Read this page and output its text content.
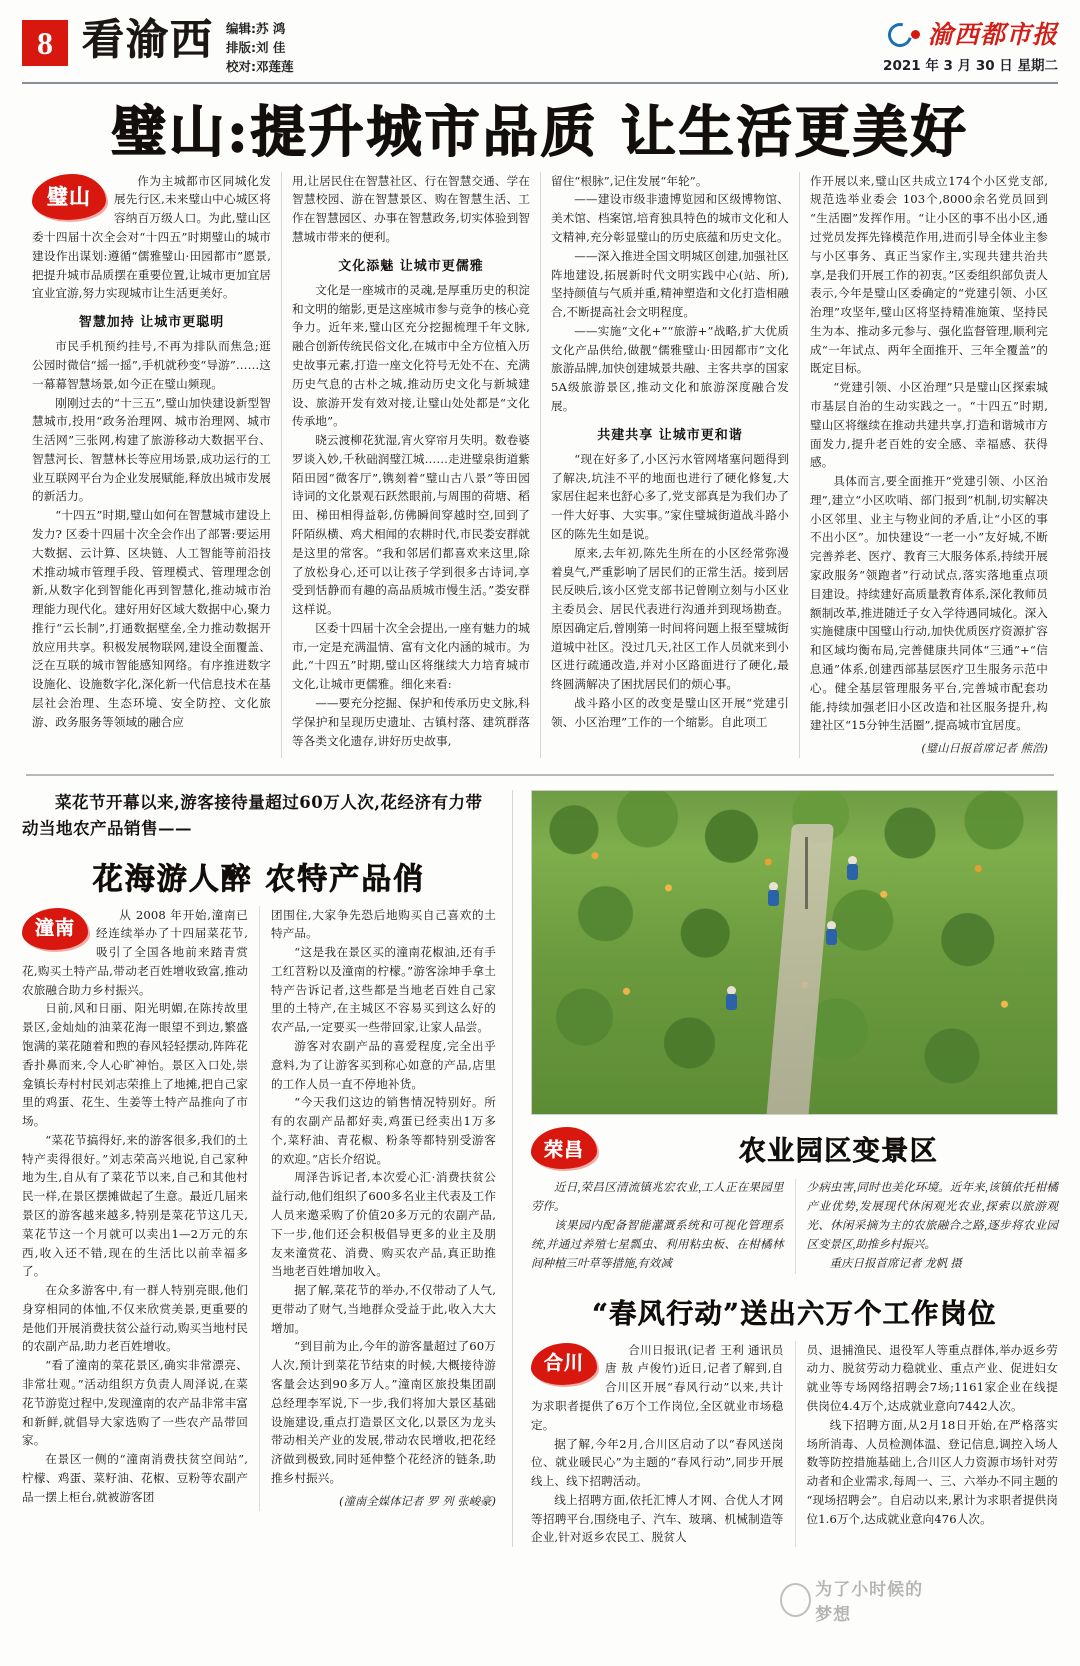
8 看渝西 编辑:苏 鸿
排版:刘 佳
校对:邓莲莲
渝西都市报
2021 年 3 月 30 日 星期二
璧山:提升城市品质 让生活更美好
璧山

作为主城都市区同城化发展先行区,未来璧山中心城区将容纳百万级人口。为此,璧山区委十四届十次全会对“十四五”时期璧山的城市建设作出谋划:遵循“儒雅璧山·田园都市”愿景,把提升城市品质摆在重要位置,让城市更加宜居宜业宜游,努力实现城市让生活更美好。

智慧加持 让城市更聪明

市民手机预约挂号,不再为排队而焦急;逛公园时微信“摇一摇”,手机就秒变“导游”……这一幕幕智慧场景,如今正在璧山频现。

刚刚过去的“十三五”,璧山加快建设新型智慧城市,投用“政务治理网、城市治理网、城市生活网”三张网,构建了旅游移动大数据平台、智慧河长、智慧林长等应用场景,成功运行的工业互联网平台为企业发展赋能,释放出城市发展的新活力。

“十四五”时期,璧山如何在智慧城市建设上发力? 区委十四届十次全会作出了部署:要运用大数据、云计算、区块链、人工智能等前沿技术推动城市管理手段、管理模式、管理理念创新,从数字化到智能化再到智慧化,推动城市治理能力现代化。建好用好区域大数据中心,聚力推行“云长制”,打通数据壁垒,全力推动数据开放应用共享。积极发展物联网,建设全面覆盖、泛在互联的城市智能感知网络。有序推进数字设施化、设施数字化,深化新一代信息技术在基层社会治理、生态环境、安全防控、文化旅游、政务服务等领域的融合应

用,让居民住在智慧社区、行在智慧交通、学在智慧校园、游在智慧景区、购在智慧生活、工作在智慧园区、办事在智慧政务,切实体验到智慧城市带来的便利。

文化添魅 让城市更儒雅

文化是一座城市的灵魂,是厚重历史的积淀和文明的缩影,更是这座城市参与竞争的核心竞争力。近年来,璧山区充分挖掘梳理千年文脉,融合创新传统民俗文化,在城市中全方位植入历史故事元素,打造一座文化符号无处不在、充满历史气息的古朴之城,推动历史文化与新城建设、旅游开发有效对接,让璧山处处都是“文化传承地”。

晓云渡柳花犹湿,宵火穿帘月失明。数卷婆罗谈入妙,千秋础润璧江城……走进璧泉街道紫陌田园“微客厅”,镌刻着“璧山古八景”等田园诗词的文化景观石跃然眼前,与周围的荷塘、稻田、梯田相得益彰,仿佛瞬间穿越时空,回到了阡陌纵横、鸡犬相闻的农耕时代,市民娄安群就是这里的常客。“我和邻居们都喜欢来这里,除了放松身心,还可以让孩子学到很多古诗词,享受到恬静而有趣的高品质城市慢生活。”娄安群这样说。

区委十四届十次全会提出,一座有魅力的城市,一定是充满温情、富有文化内涵的城市。为此,“十四五”时期,璧山区将继续大力培育城市文化,让城市更儒雅。细化来看:

——要充分挖掘、保护和传承历史文脉,科学保护和呈现历史遗址、古镇村落、建筑群落等各类文化遗存,讲好历史故事,

留住“根脉”,记住发展“年轮”。

——建设市级非遗博览园和区级博物馆、美术馆、档案馆,培育独具特色的城市文化和人文精神,充分彰显璧山的历史底蕴和历史文化。

——深入推进全国文明城区创建,加强社区阵地建设,拓展新时代文明实践中心(站、所),坚持颜值与气质并重,精神塑造和文化打造相融合,不断提高社会文明程度。

——实施“文化+”“旅游+”战略,扩大优质文化产品供给,做靓“儒雅璧山·田园都市”文化旅游品牌,加快创建城景共融、主客共享的国家5A级旅游景区,推动文化和旅游深度融合发展。

共建共享 让城市更和谐

“现在好多了,小区污水管网堵塞问题得到了解决,坑洼不平的地面也进行了硬化修复,大家居住起来也舒心多了,党支部真是为我们办了一件大好事、大实事。”家住璧城街道战斗路小区的陈先生如是说。

原来,去年初,陈先生所在的小区经常弥漫着臭气,严重影响了居民们的正常生活。接到居民反映后,该小区党支部书记曾刚立刻与小区业主委员会、居民代表进行沟通并到现场勘查。原因确定后,曾刚第一时间将问题上报至璧城街道城中社区。没过几天,社区工作人员就来到小区进行疏通改造,并对小区路面进行了硬化,最终圆满解决了困扰居民们的烦心事。

战斗路小区的改变是璧山区开展“党建引领、小区治理”工作的一个缩影。自此项工

作开展以来,璧山区共成立174个小区党支部,规范选举业委会 103个,8000余名党员回到“生活圈”发挥作用。“让小区的事不出小区,通过党员发挥先锋模范作用,进而引导全体业主参与小区事务、真正当家作主,实现共建共治共享,是我们开展工作的初衷。”区委组织部负责人表示,今年是璧山区委确定的“党建引领、小区治理”攻坚年,璧山区将坚持精准施策、坚持民生为本、推动多元参与、强化监督管理,顺利完成“一年试点、两年全面推开、三年全覆盖”的既定目标。

“党建引领、小区治理”只是璧山区探索城市基层自治的生动实践之一。“十四五”时期,璧山区将继续在推动共建共享,打造和谐城市方面发力,提升老百姓的安全感、幸福感、获得感。

具体而言,要全面推开“党建引领、小区治理”,建立“小区吹哨、部门报到”机制,切实解决小区邻里、业主与物业间的矛盾,让“小区的事不出小区”。加快建设“一老一小”友好城,不断完善养老、医疗、教育三大服务体系,持续开展家政服务“领跑者”行动试点,落实落地重点项目建设。持续建好高质量教育体系,深化教师员额制改革,推进随迁子女入学待遇同城化。深入实施健康中国璧山行动,加快优质医疗资源扩容和区域均衡布局,完善健康共同体“三通”+“信息通”体系,创建西部基层医疗卫生服务示范中心。健全基层管理服务平台,完善城市配套功能,持续加强老旧小区改造和社区服务提升,构建社区“15分钟生活圈”,提高城市宜居度。

(璧山日报首席记者 熊浩)

菜花节开幕以来,游客接待量超过60万人次,花经济有力带动当地农产品销售——

花海游人醉 农特产品俏
潼南

从 2008 年开始,潼南已经连续举办了十四届菜花节,吸引了全国各地前来踏青赏花,购买土特产品,带动老百姓增收致富,推动农旅融合助力乡村振兴。

日前,风和日丽、阳光明媚,在陈抟故里景区,金灿灿的油菜花海一眼望不到边,繁盛饱满的菜花随着和煦的春风轻轻摆动,阵阵花香扑鼻而来,令人心旷神怡。景区入口处,崇龛镇长寿村村民刘志荣推上了地摊,把自己家里的鸡蛋、花生、生姜等土特产品推向了市场。

“菜花节搞得好,来的游客很多,我们的土特产卖得很好。”刘志荣高兴地说,自己家种地为生,自从有了菜花节以来,自己和其他村民一样,在景区摆摊做起了生意。最近几届来景区的游客越来越多,特别是菜花节这几天,菜花节这一个月就可以卖出1—2万元的东西,收入还不错,现在的生活比以前幸福多了。

在众多游客中,有一群人特别亮眼,他们身穿相同的体恤,不仅来欣赏美景,更重要的是他们开展消费扶贫公益行动,购买当地村民的农副产品,助力老百姓增收。

“看了潼南的菜花景区,确实非常漂亮、非常壮观。”活动组织方负责人周泽说,在菜花节游览过程中,发现潼南的农产品非常丰富和新鲜,就倡导大家选购了一些农产品带回家。

在景区一侧的“潼南消费扶贫空间站”,柠檬、鸡蛋、菜籽油、花椒、豆粉等农副产品一摆上柜台,就被游客团

团围住,大家争先恐后地购买自己喜欢的土特产品。

“这是我在景区买的潼南花椒油,还有手工红苕粉以及潼南的柠檬。”游客涂坤手拿土特产告诉记者,这些都是当地老百姓自己家里的土特产,在主城区不容易买到这么好的农产品,一定要买一些带回家,让家人品尝。

游客对农副产品的喜爱程度,完全出乎意料,为了让游客买到称心如意的产品,店里的工作人员一直不停地补货。

“今天我们这边的销售情况特别好。所有的农副产品都好卖,鸡蛋已经卖出1万多个,菜籽油、青花椒、粉条等都特别受游客的欢迎。”店长介绍说。

周泽告诉记者,本次爱心汇·消费扶贫公益行动,他们组织了600多名业主代表及工作人员来邀采购了价值20多万元的农副产品,下一步,他们还会积极倡导更多的业主及朋友来潼赏花、消费、购买农产品,真正助推当地老百姓增加收入。

据了解,菜花节的举办,不仅带动了人气,更带动了财气,当地群众受益于此,收入大大增加。

“到目前为止,今年的游客量超过了60万人次,预计到菜花节结束的时候,大概接待游客量会达到90多万人。”潼南区旅投集团副总经理李军说,下一步,我们将加大景区基础设施建设,重点打造景区文化,以景区为龙头带动相关产业的发展,带动农民增收,把花经济做到极致,同时延伸整个花经济的链条,助推乡村振兴。

(潼南全媒体记者 罗 列 张峻豪)
荣昌	农业园区变景区

近日,荣昌区清流镇兆宏农业,工人正在果园里劳作。

该果园内配备智能灌溉系统和可视化管理系统,并通过养殖七星瓢虫、利用粘虫板、在柑橘林间种植三叶草等措施,有效减

少病虫害,同时也美化环境。近年来,该镇依托柑橘产业优势,发展现代休闲观光农业,探索以旅游观光、休闲采摘为主的农旅融合之路,逐步将农业园区变景区,助推乡村振兴。

重庆日报首席记者 龙帆 摄

“春风行动”送出六万个工作岗位
合川

合川日报讯(记者 王利 通讯员 唐 敖 卢俊竹)近日,记者了解到,自合川区开展“春风行动”以来,共计为求职者提供了6万个工作岗位,全区就业市场稳定。

据了解,今年2月,合川区启动了以“春风送岗位、就业暖民心”为主题的“春风行动”,同步开展线上、线下招聘活动。

线上招聘方面,依托汇博人才网、合优人才网等招聘平台,围绕电子、汽车、玻璃、机械制造等企业,针对返乡农民工、脱贫人

员、退捕渔民、退役军人等重点群体,举办返乡劳动力、脱贫劳动力稳就业、重点产业、促进妇女就业等专场网络招聘会7场;1161家企业在线提供岗位4.4万个,达成就业意向7442人次。

线下招聘方面,从2月18日开始,在严格落实场所消毒、人员检测体温、登记信息,调控入场人数等防控措施基础上,合川区人力资源市场针对劳动者和企业需求,每周一、三、六举办不同主题的“现场招聘会”。自启动以来,累计为求职者提供岗位1.6万个,达成就业意向476人次。

为了小时候的梦想
